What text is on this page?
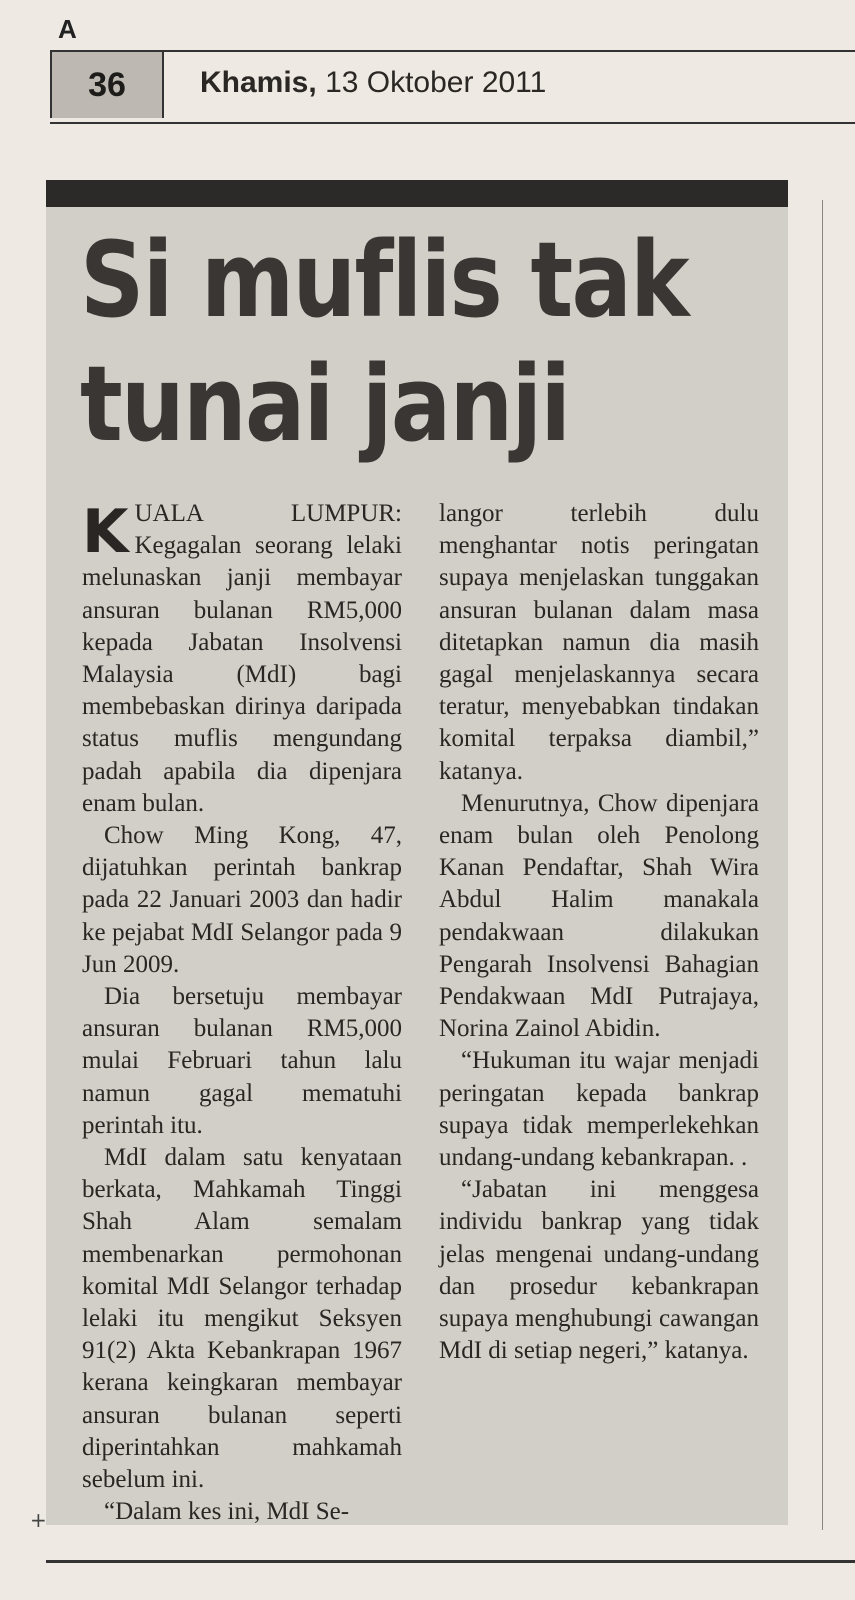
A
36	Khamis, 13 Oktober 2011
Si muflis tak
tunai janji

KUALA LUMPUR: Kegagalan seorang lelaki melunaskan janji membayar ansuran bulanan RM5,000 kepada Jabatan Insolvensi Malaysia (MdI) bagi membebaskan dirinya daripada status muflis mengundang padah apabila dia dipenjara enam bulan.

Chow Ming Kong, 47, dijatuhkan perintah bankrap pada 22 Januari 2003 dan hadir ke pejabat MdI Selangor pada 9 Jun 2009.

Dia bersetuju membayar ansuran bulanan RM5,000 mulai Februari tahun lalu namun gagal mematuhi perintah itu.

MdI dalam satu kenyataan berkata, Mahkamah Tinggi Shah Alam semalam membenarkan permohonan komital MdI Selangor terhadap lelaki itu mengikut Seksyen 91(2) Akta Kebankrapan 1967 kerana keingkaran membayar ansuran bulanan seperti diperintahkan mahkamah sebelum ini.

“Dalam kes ini, MdI Se-

langor terlebih dulu menghantar notis peringatan supaya menjelaskan tunggakan ansuran bulanan dalam masa ditetapkan namun dia masih gagal menjelaskannya secara teratur, menyebabkan tindakan komital terpaksa diambil,” katanya.

Menurutnya, Chow dipenjara enam bulan oleh Penolong Kanan Pendaftar, Shah Wira Abdul Halim manakala pendakwaan dilakukan Pengarah Insolvensi Bahagian Pendakwaan MdI Putrajaya, Norina Zainol Abidin.

“Hukuman itu wajar menjadi peringatan kepada bankrap supaya tidak memperlekehkan undang-undang kebankrapan. .

“Jabatan ini menggesa individu bankrap yang tidak jelas mengenai undang-undang dan prosedur kebankrapan supaya menghubungi cawangan MdI di setiap negeri,” katanya.

+
